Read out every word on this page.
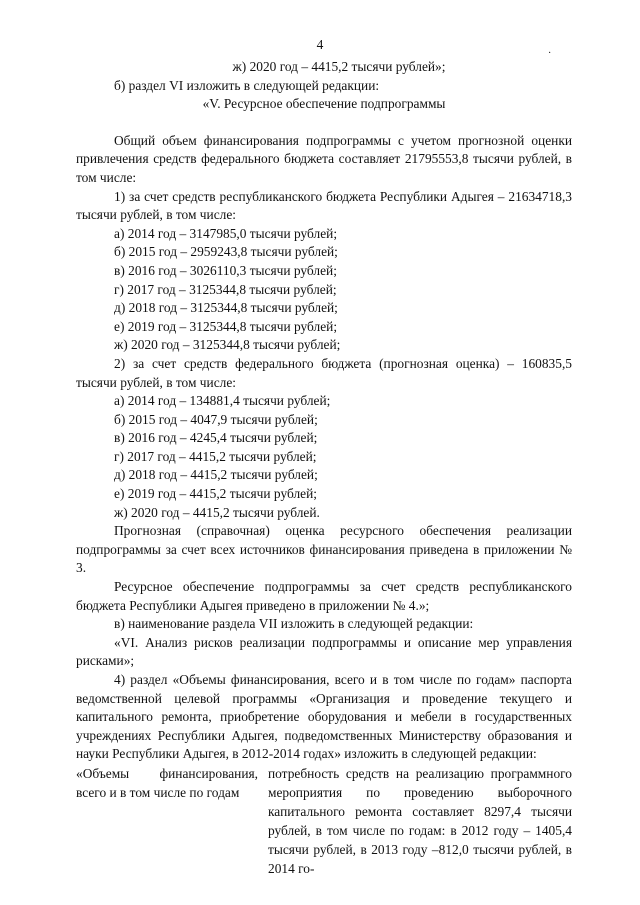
4
·

ж) 2020 год – 4415,2 тысячи рублей»;

б) раздел VI изложить в следующей редакции:

«V. Ресурсное обеспечение подпрограммы

Общий объем финансирования подпрограммы с учетом прогнозной оценки привлечения средств федерального бюджета составляет 21795553,8 тысячи рублей, в том числе:

1) за счет средств республиканского бюджета Республики Адыгея – 21634718,3 тысячи рублей, в том числе:

а) 2014 год – 3147985,0 тысячи рублей;

б) 2015 год – 2959243,8 тысячи рублей;

в) 2016 год – 3026110,3 тысячи рублей;

г) 2017 год – 3125344,8 тысячи рублей;

д) 2018 год – 3125344,8 тысячи рублей;

е) 2019 год – 3125344,8 тысячи рублей;

ж) 2020 год – 3125344,8 тысячи рублей;

2) за счет средств федерального бюджета (прогнозная оценка) – 160835,5 тысячи рублей, в том числе:

а) 2014 год – 134881,4 тысячи рублей;

б) 2015 год – 4047,9 тысячи рублей;

в) 2016 год – 4245,4 тысячи рублей;

г) 2017 год – 4415,2 тысячи рублей;

д) 2018 год – 4415,2 тысячи рублей;

е) 2019 год – 4415,2 тысячи рублей;

ж) 2020 год – 4415,2 тысячи рублей.

Прогнозная (справочная) оценка ресурсного обеспечения реализации подпрограммы за счет всех источников финансирования приведена в приложении № 3.

Ресурсное обеспечение подпрограммы за счет средств республиканского бюджета Республики Адыгея приведено в приложении № 4.»;

в) наименование раздела VII изложить в следующей редакции:

«VI. Анализ рисков реализации подпрограммы и описание мер управления рисками»;

4) раздел «Объемы финансирования, всего и в том числе по годам» паспорта ведомственной целевой программы «Организация и проведение текущего и капитального ремонта, приобретение оборудования и мебели в государственных учреждениях Республики Адыгея, подведомственных Министерству образования и науки Республики Адыгея, в 2012-2014 годах» изложить в следующей редакции:

«Объемы финансирования, всего и в том числе по годам

потребность средств на реализацию программного мероприятия по проведению выборочного капитального ремонта составляет 8297,4 тысячи рублей, в том числе по годам: в 2012 году – 1405,4 тысячи рублей, в 2013 году –812,0 тысячи рублей, в 2014 го-
